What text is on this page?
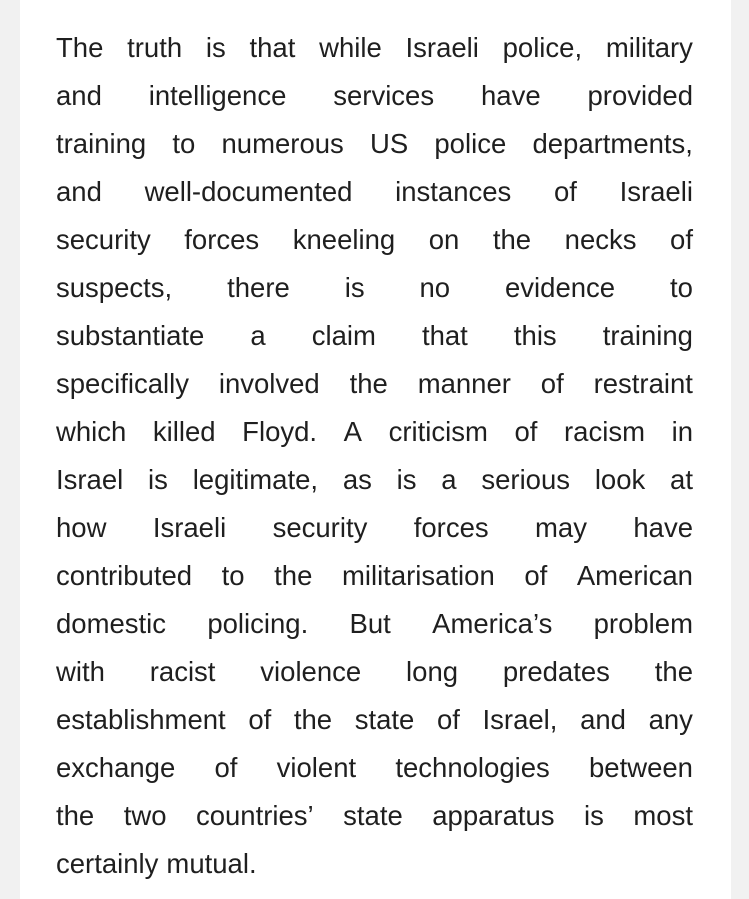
The truth is that while Israeli police, military
and intelligence services have provided
training to numerous US police departments,
and well-documented instances of Israeli
security forces kneeling on the necks of
suspects, there is no evidence to
substantiate a claim that this training
specifically involved the manner of restraint
which killed Floyd. A criticism of racism in
Israel is legitimate, as is a serious look at
how Israeli security forces may have
contributed to the militarisation of American
domestic policing. But America’s problem
with racist violence long predates the
establishment of the state of Israel, and any
exchange of violent technologies between
the two countries’ state apparatus is most
certainly mutual.
